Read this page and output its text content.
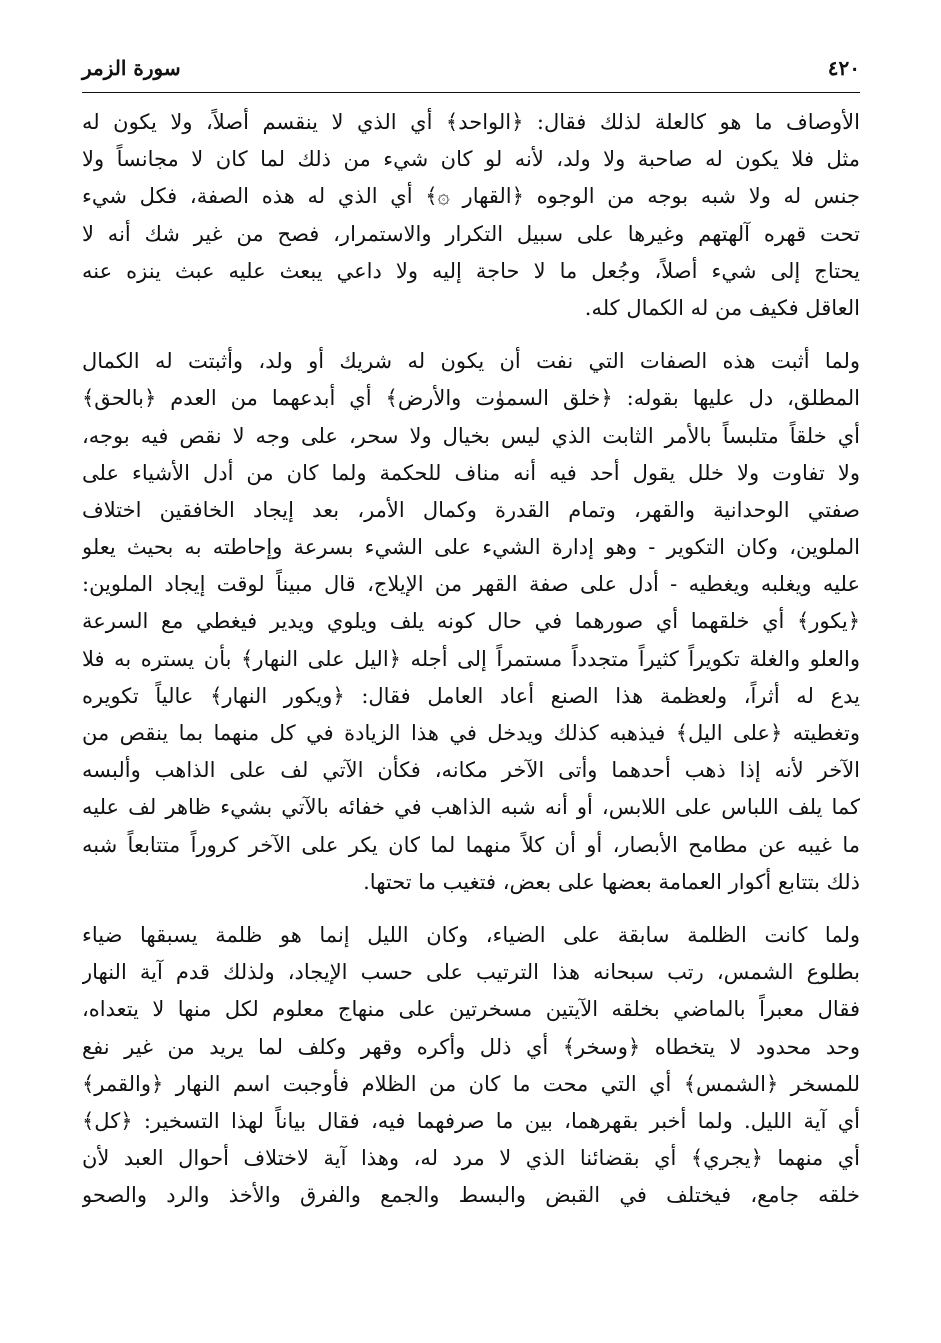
٤٢٠
سورة الزمر
الأوصاف ما هو كالعلة لذلك فقال: ﴿الواحد﴾ أي الذي لا ينقسم أصلاً، ولا يكون له
مثل فلا يكون له صاحبة ولا ولد، لأنه لو كان شيء من ذلك لما كان لا مجانساً ولا
جنس له ولا شبه بوجه من الوجوه ﴿القهار ۞﴾ أي الذي له هذه الصفة، فكل شيء
تحت قهره آلهتهم وغيرها على سبيل التكرار والاستمرار، فصح من غير شك أنه لا
يحتاج إلى شيء أصلاً، وجُعل ما لا حاجة إليه ولا داعي يبعث عليه عبث ينزه عنه
العاقل فكيف من له الكمال كله.
ولما أثبت هذه الصفات التي نفت أن يكون له شريك أو ولد، وأثبتت له الكمال
المطلق، دل عليها بقوله: ﴿خلق السموٰت والأرض﴾ أي أبدعهما من العدم ﴿بالحق﴾
أي خلقاً متلبساً بالأمر الثابت الذي ليس بخيال ولا سحر، على وجه لا نقص فيه بوجه،
ولا تفاوت ولا خلل يقول أحد فيه أنه مناف للحكمة ولما كان من أدل الأشياء على
صفتي الوحدانية والقهر، وتمام القدرة وكمال الأمر، بعد إيجاد الخافقين اختلاف
الملوين، وكان التكوير - وهو إدارة الشيء على الشيء بسرعة وإحاطته به بحيث يعلو
عليه ويغلبه ويغطيه - أدل على صفة القهر من الإيلاج، قال مبيناً لوقت إيجاد الملوين:
﴿يكور﴾ أي خلقهما أي صورهما في حال كونه يلف ويلوي ويدير فيغطي مع السرعة
والعلو والغلة تكويراً كثيراً متجدداً مستمراً إلى أجله ﴿اليل على النهار﴾ بأن يستره به فلا
يدع له أثراً، ولعظمة هذا الصنع أعاد العامل فقال: ﴿ويكور النهار﴾ عالياً تكويره
وتغطيته ﴿على اليل﴾ فيذهبه كذلك ويدخل في هذا الزيادة في كل منهما بما ينقص من
الآخر لأنه إذا ذهب أحدهما وأتى الآخر مكانه، فكأن الآتي لف على الذاهب وألبسه
كما يلف اللباس على اللابس، أو أنه شبه الذاهب في خفائه بالآتي بشيء ظاهر لف عليه
ما غيبه عن مطامح الأبصار، أو أن كلاً منهما لما كان يكر على الآخر كروراً متتابعاً شبه
ذلك بتتابع أكوار العمامة بعضها على بعض، فتغيب ما تحتها.
ولما كانت الظلمة سابقة على الضياء، وكان الليل إنما هو ظلمة يسبقها ضياء
بطلوع الشمس، رتب سبحانه هذا الترتيب على حسب الإيجاد، ولذلك قدم آية النهار
فقال معبراً بالماضي بخلقه الآيتين مسخرتين على منهاج معلوم لكل منها لا يتعداه،
وحد محدود لا يتخطاه ﴿وسخر﴾ أي ذلل وأكره وقهر وكلف لما يريد من غير نفع
للمسخر ﴿الشمس﴾ أي التي محت ما كان من الظلام فأوجبت اسم النهار ﴿والقمر﴾
أي آية الليل. ولما أخبر بقهرهما، بين ما صرفهما فيه، فقال بياناً لهذا التسخير: ﴿كل﴾
أي منهما ﴿يجري﴾ أي بقضائنا الذي لا مرد له، وهذا آية لاختلاف أحوال العبد لأن
خلقه جامع، فيختلف في القبض والبسط والجمع والفرق والأخذ والرد والصحو
